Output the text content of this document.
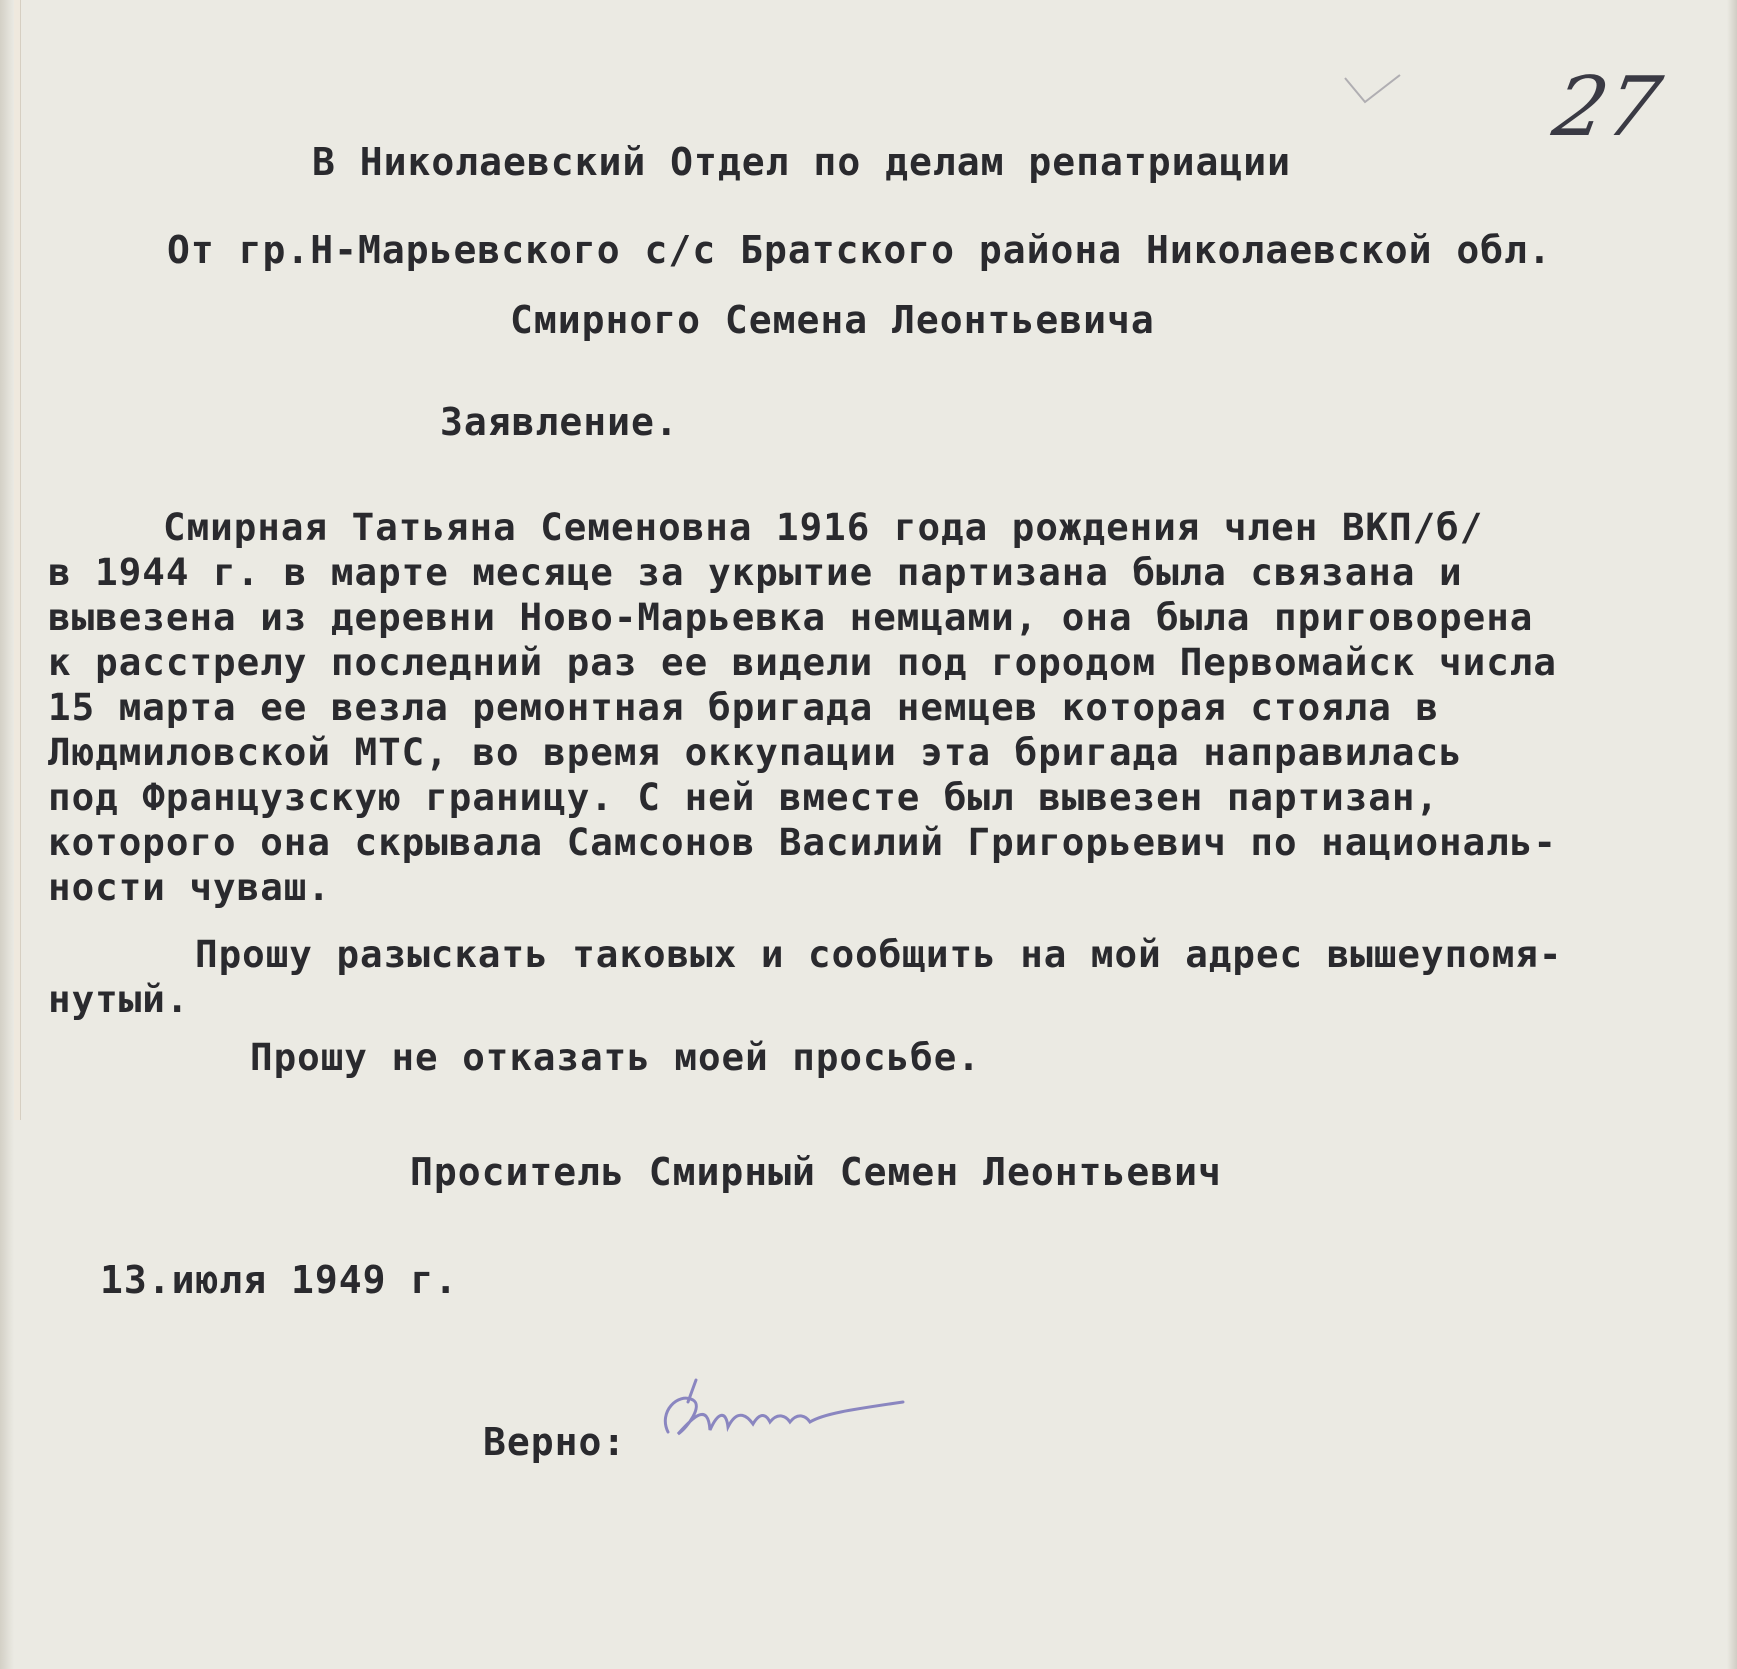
27
В Николаевский Отдел по делам репатриации
От гр.Н-Марьевского с/с Братского района Николаевской обл.
Смирного Семена Леонтьевича
Заявление.
Смирная Татьяна Семеновна 1916 года рождения член ВКП/б/
в 1944 г. в марте месяце за укрытие партизана была связана и
вывезена из деревни Ново-Марьевка немцами, она была приговорена
к расстрелу последний раз ее видели под городом Первомайск числа
15 марта ее везла ремонтная бригада немцев которая стояла в
Людмиловской МТС, во время оккупации эта бригада направилась
под Французскую границу. С ней вместе был вывезен партизан,
которого она скрывала Самсонов Василий Григорьевич по националь-
ности чуваш.
Прошу разыскать таковых и сообщить на мой адрес вышеупомя-
нутый.
Прошу не отказать моей просьбе.
Проситель Смирный Семен Леонтьевич
13.июля 1949 г.
Верно:
